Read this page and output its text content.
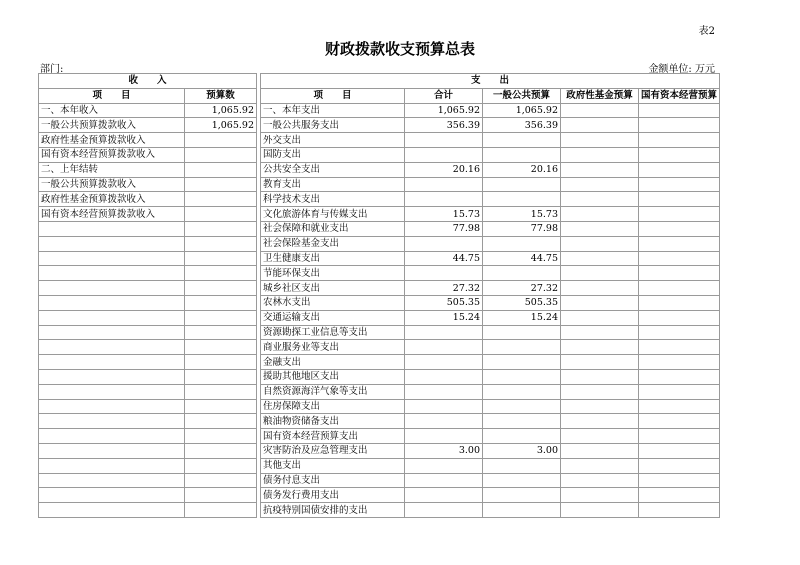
表2
财政拨款收支预算总表
部门:	金额单位: 万元
收　　入			支　　出				
项　　目	预算数		项　　目	合计	一般公共预算	政府性基金预算	国有资本经营预算
一、本年收入	1,065.92		一、本年支出	1,065.92	1,065.92		
一般公共预算拨款收入	1,065.92		一般公共服务支出	356.39	356.39		
政府性基金预算拨款收入			外交支出				
国有资本经营预算拨款收入			国防支出				
二、上年结转			公共安全支出	20.16	20.16		
一般公共预算拨款收入			教育支出				
政府性基金预算拨款收入			科学技术支出				
国有资本经营预算拨款收入			文化旅游体育与传媒支出	15.73	15.73		
			社会保障和就业支出	77.98	77.98		
			社会保险基金支出				
			卫生健康支出	44.75	44.75		
			节能环保支出				
			城乡社区支出	27.32	27.32		
			农林水支出	505.35	505.35		
			交通运输支出	15.24	15.24		
			资源勘探工业信息等支出				
			商业服务业等支出				
			金融支出				
			援助其他地区支出				
			自然资源海洋气象等支出				
			住房保障支出				
			粮油物资储备支出				
			国有资本经营预算支出				
			灾害防治及应急管理支出	3.00	3.00		
			其他支出				
			债务付息支出				
			债务发行费用支出				
			抗疫特别国债安排的支出				
